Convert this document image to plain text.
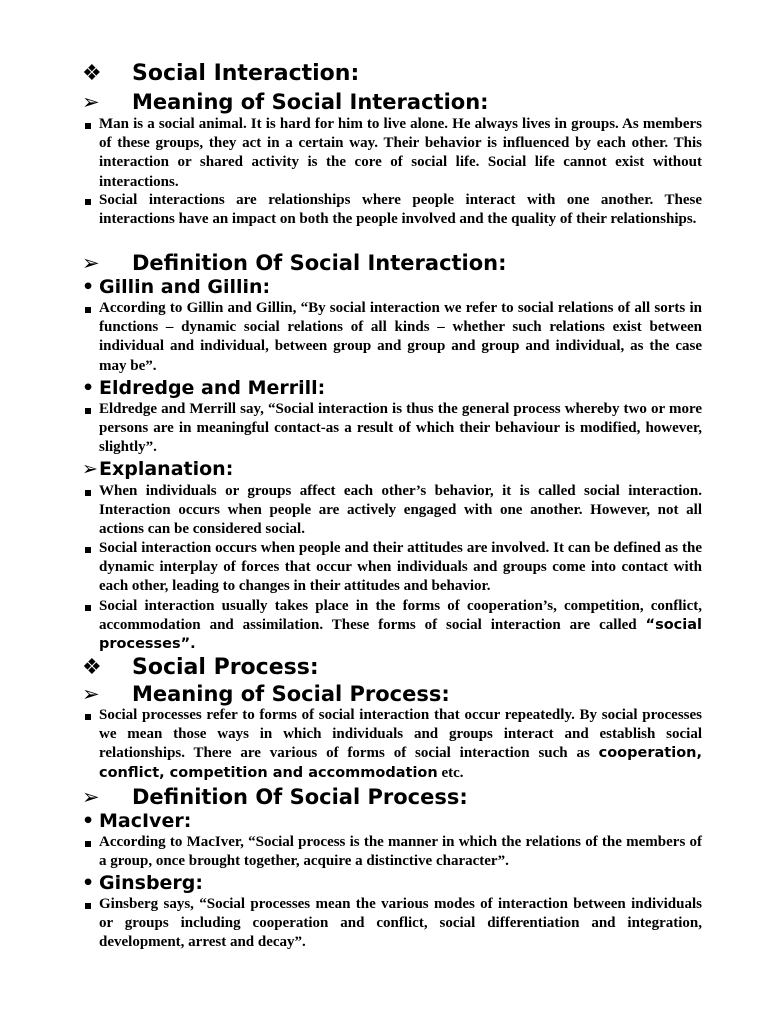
❖ Social Interaction:
➢ Meaning of Social Interaction:
Man is a social animal. It is hard for him to live alone. He always lives in groups. As members of these groups, they act in a certain way. Their behavior is influenced by each other. This interaction or shared activity is the core of social life. Social life cannot exist without interactions.
Social interactions are relationships where people interact with one another. These interactions have an impact on both the people involved and the quality of their relationships.
➢ Definition Of Social Interaction:
• Gillin and Gillin:
According to Gillin and Gillin, “By social interaction we refer to social relations of all sorts in functions – dynamic social relations of all kinds – whether such relations exist between individual and individual, between group and group and group and individual, as the case may be”.
• Eldredge and Merrill:
Eldredge and Merrill say, “Social interaction is thus the general process whereby two or more persons are in meaningful contact-as a result of which their behaviour is modified, however, slightly”.
➢ Explanation:
When individuals or groups affect each other’s behavior, it is called social interaction. Interaction occurs when people are actively engaged with one another. However, not all actions can be considered social.
Social interaction occurs when people and their attitudes are involved. It can be defined as the dynamic interplay of forces that occur when individuals and groups come into contact with each other, leading to changes in their attitudes and behavior.
Social interaction usually takes place in the forms of cooperation’s, competition, conflict, accommodation and assimilation. These forms of social interaction are called “social processes”.
❖ Social Process:
➢ Meaning of Social Process:
Social processes refer to forms of social interaction that occur repeatedly. By social processes we mean those ways in which individuals and groups interact and establish social relationships. There are various of forms of social interaction such as cooperation, conflict, competition and accommodation etc.
➢ Definition Of Social Process:
• MacIver:
According to MacIver, “Social process is the manner in which the relations of the members of a group, once brought together, acquire a distinctive character”.
• Ginsberg:
Ginsberg says, “Social processes mean the various modes of interaction between individuals or groups including cooperation and conflict, social differentiation and integration, development, arrest and decay”.
